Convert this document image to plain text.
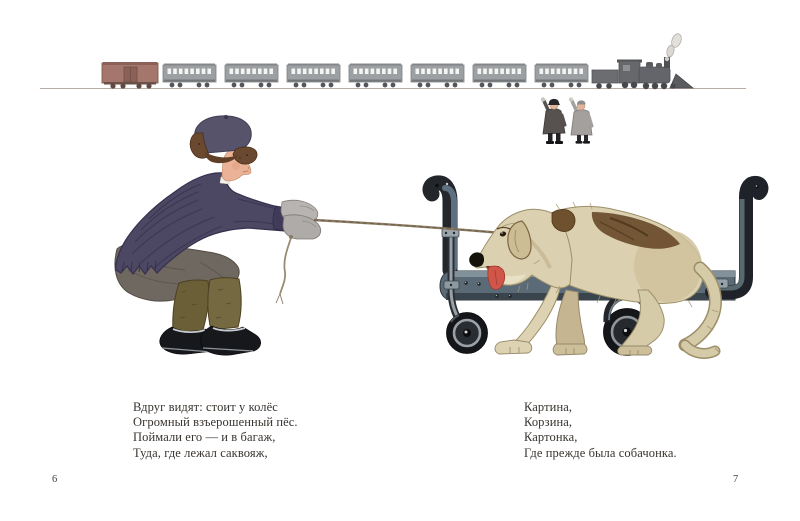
Вдруг видят: стоит у колёс
Огромный взъерошенный пёс.
Поймали его — и в багаж,
Туда, где лежал саквояж,
Картина,
Корзина,
Картонка,
Где прежде была собачонка.
6	7
